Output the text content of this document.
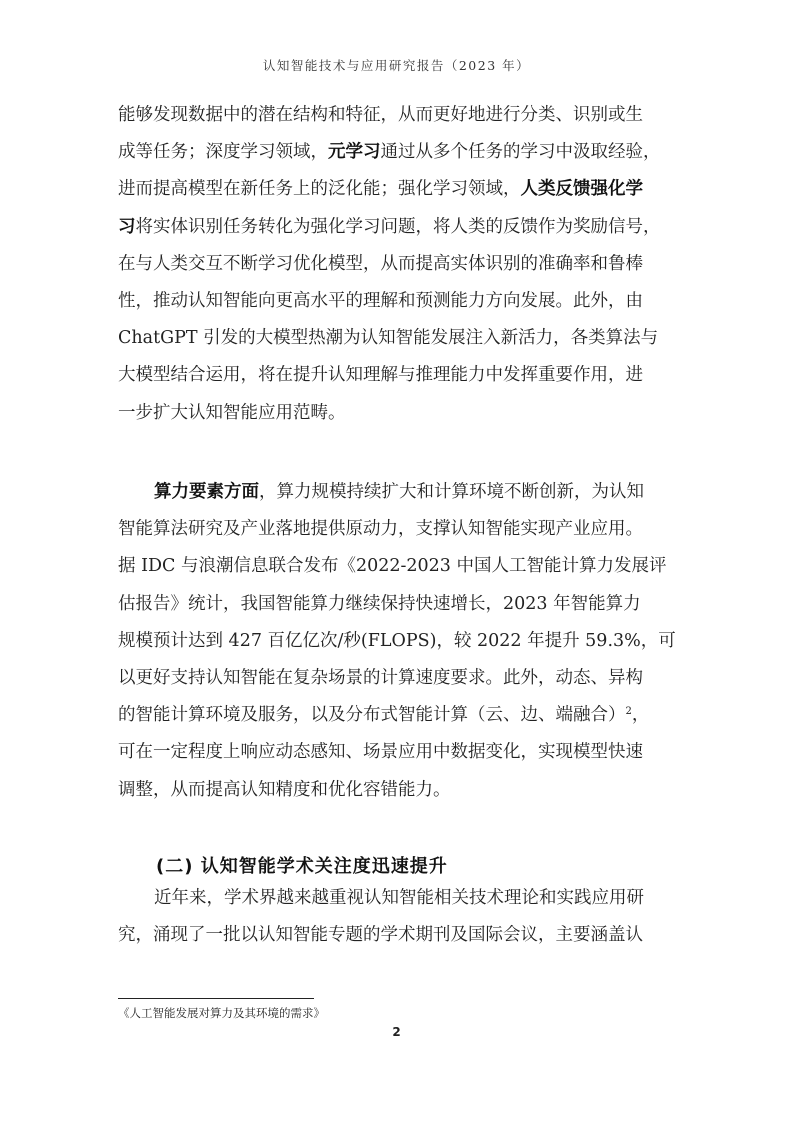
认知智能技术与应用研究报告（2023 年）
能够发现数据中的潜在结构和特征，从而更好地进行分类、识别或生
成等任务；深度学习领域，元学习通过从多个任务的学习中汲取经验，
进而提高模型在新任务上的泛化能；强化学习领域，人类反馈强化学
习将实体识别任务转化为强化学习问题，将人类的反馈作为奖励信号，
在与人类交互不断学习优化模型，从而提高实体识别的准确率和鲁棒
性，推动认知智能向更高水平的理解和预测能力方向发展。此外，由
ChatGPT 引发的大模型热潮为认知智能发展注入新活力，各类算法与
大模型结合运用，将在提升认知理解与推理能力中发挥重要作用，进
一步扩大认知智能应用范畴。
算力要素方面，算力规模持续扩大和计算环境不断创新，为认知
智能算法研究及产业落地提供原动力，支撑认知智能实现产业应用。
据 IDC 与浪潮信息联合发布《2022-2023 中国人工智能计算力发展评
估报告》统计，我国智能算力继续保持快速增长，2023 年智能算力
规模预计达到 427 百亿亿次/秒(FLOPS)，较 2022 年提升 59.3%，可
以更好支持认知智能在复杂场景的计算速度要求。此外，动态、异构
的智能计算环境及服务，以及分布式智能计算（云、边、端融合）$^2$，
可在一定程度上响应动态感知、场景应用中数据变化，实现模型快速
调整，从而提高认知精度和优化容错能力。
(二) 认知智能学术关注度迅速提升
近年来，学术界越来越重视认知智能相关技术理论和实践应用研
究，涌现了一批以认知智能专题的学术期刊及国际会议，主要涵盖认
《人工智能发展对算力及其环境的需求》
2
